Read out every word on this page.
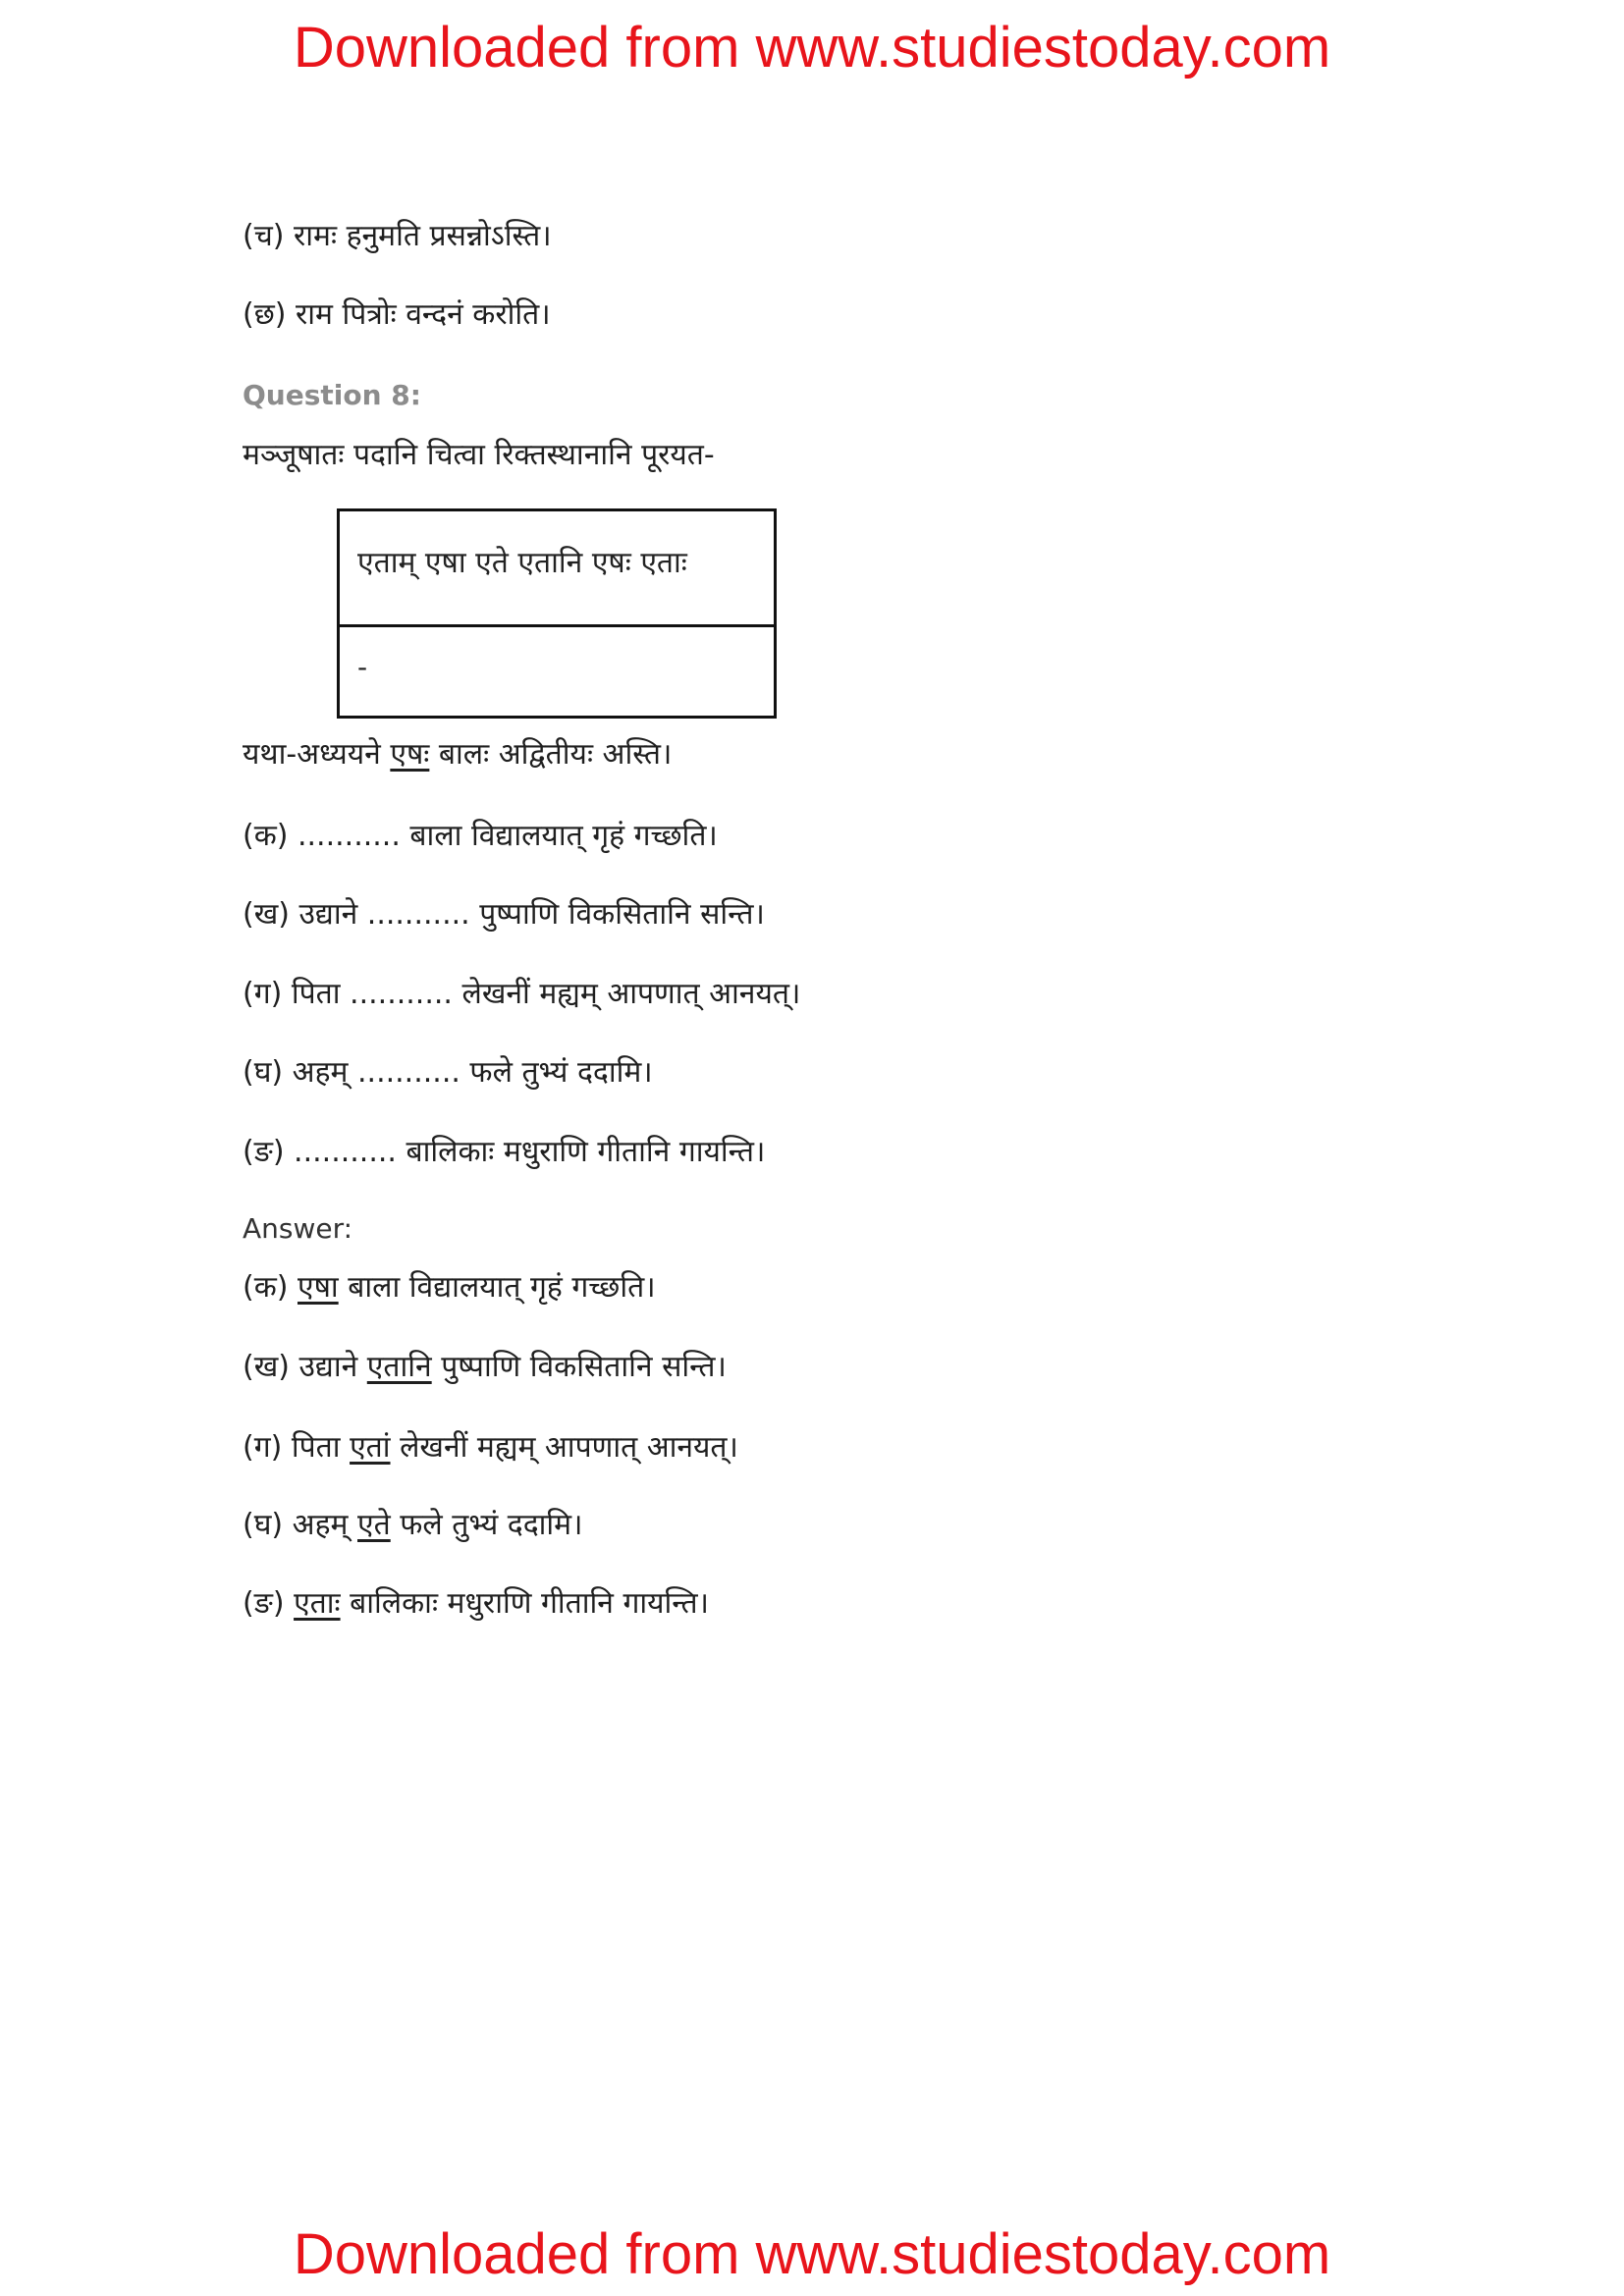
Downloaded from www.studiestoday.com
(च) रामः हनुमति प्रसन्नोऽस्ति।
(छ) राम पित्रोः वन्दनं करोति।
Question 8:
मञ्जूषातः पदानि चित्वा रिक्तस्थानानि पूरयत-
एताम् एषा एते एतानि एषः एताः
-
यथा-अध्ययने एषः बालः अद्वितीयः अस्ति।
(क) ........... बाला विद्यालयात् गृहं गच्छति।
(ख) उद्याने ........... पुष्पाणि विकसितानि सन्ति।
(ग) पिता ........... लेखनीं मह्यम् आपणात् आनयत्।
(घ) अहम् ........... फले तुभ्यं ददामि।
(ङ) ........... बालिकाः मधुराणि गीतानि गायन्ति।
Answer:
(क) एषा बाला विद्यालयात् गृहं गच्छति।
(ख) उद्याने एतानि पुष्पाणि विकसितानि सन्ति।
(ग) पिता एतां लेखनीं मह्यम् आपणात् आनयत्।
(घ) अहम् एते फले तुभ्यं ददामि।
(ङ) एताः बालिकाः मधुराणि गीतानि गायन्ति।
Downloaded from www.studiestoday.com
